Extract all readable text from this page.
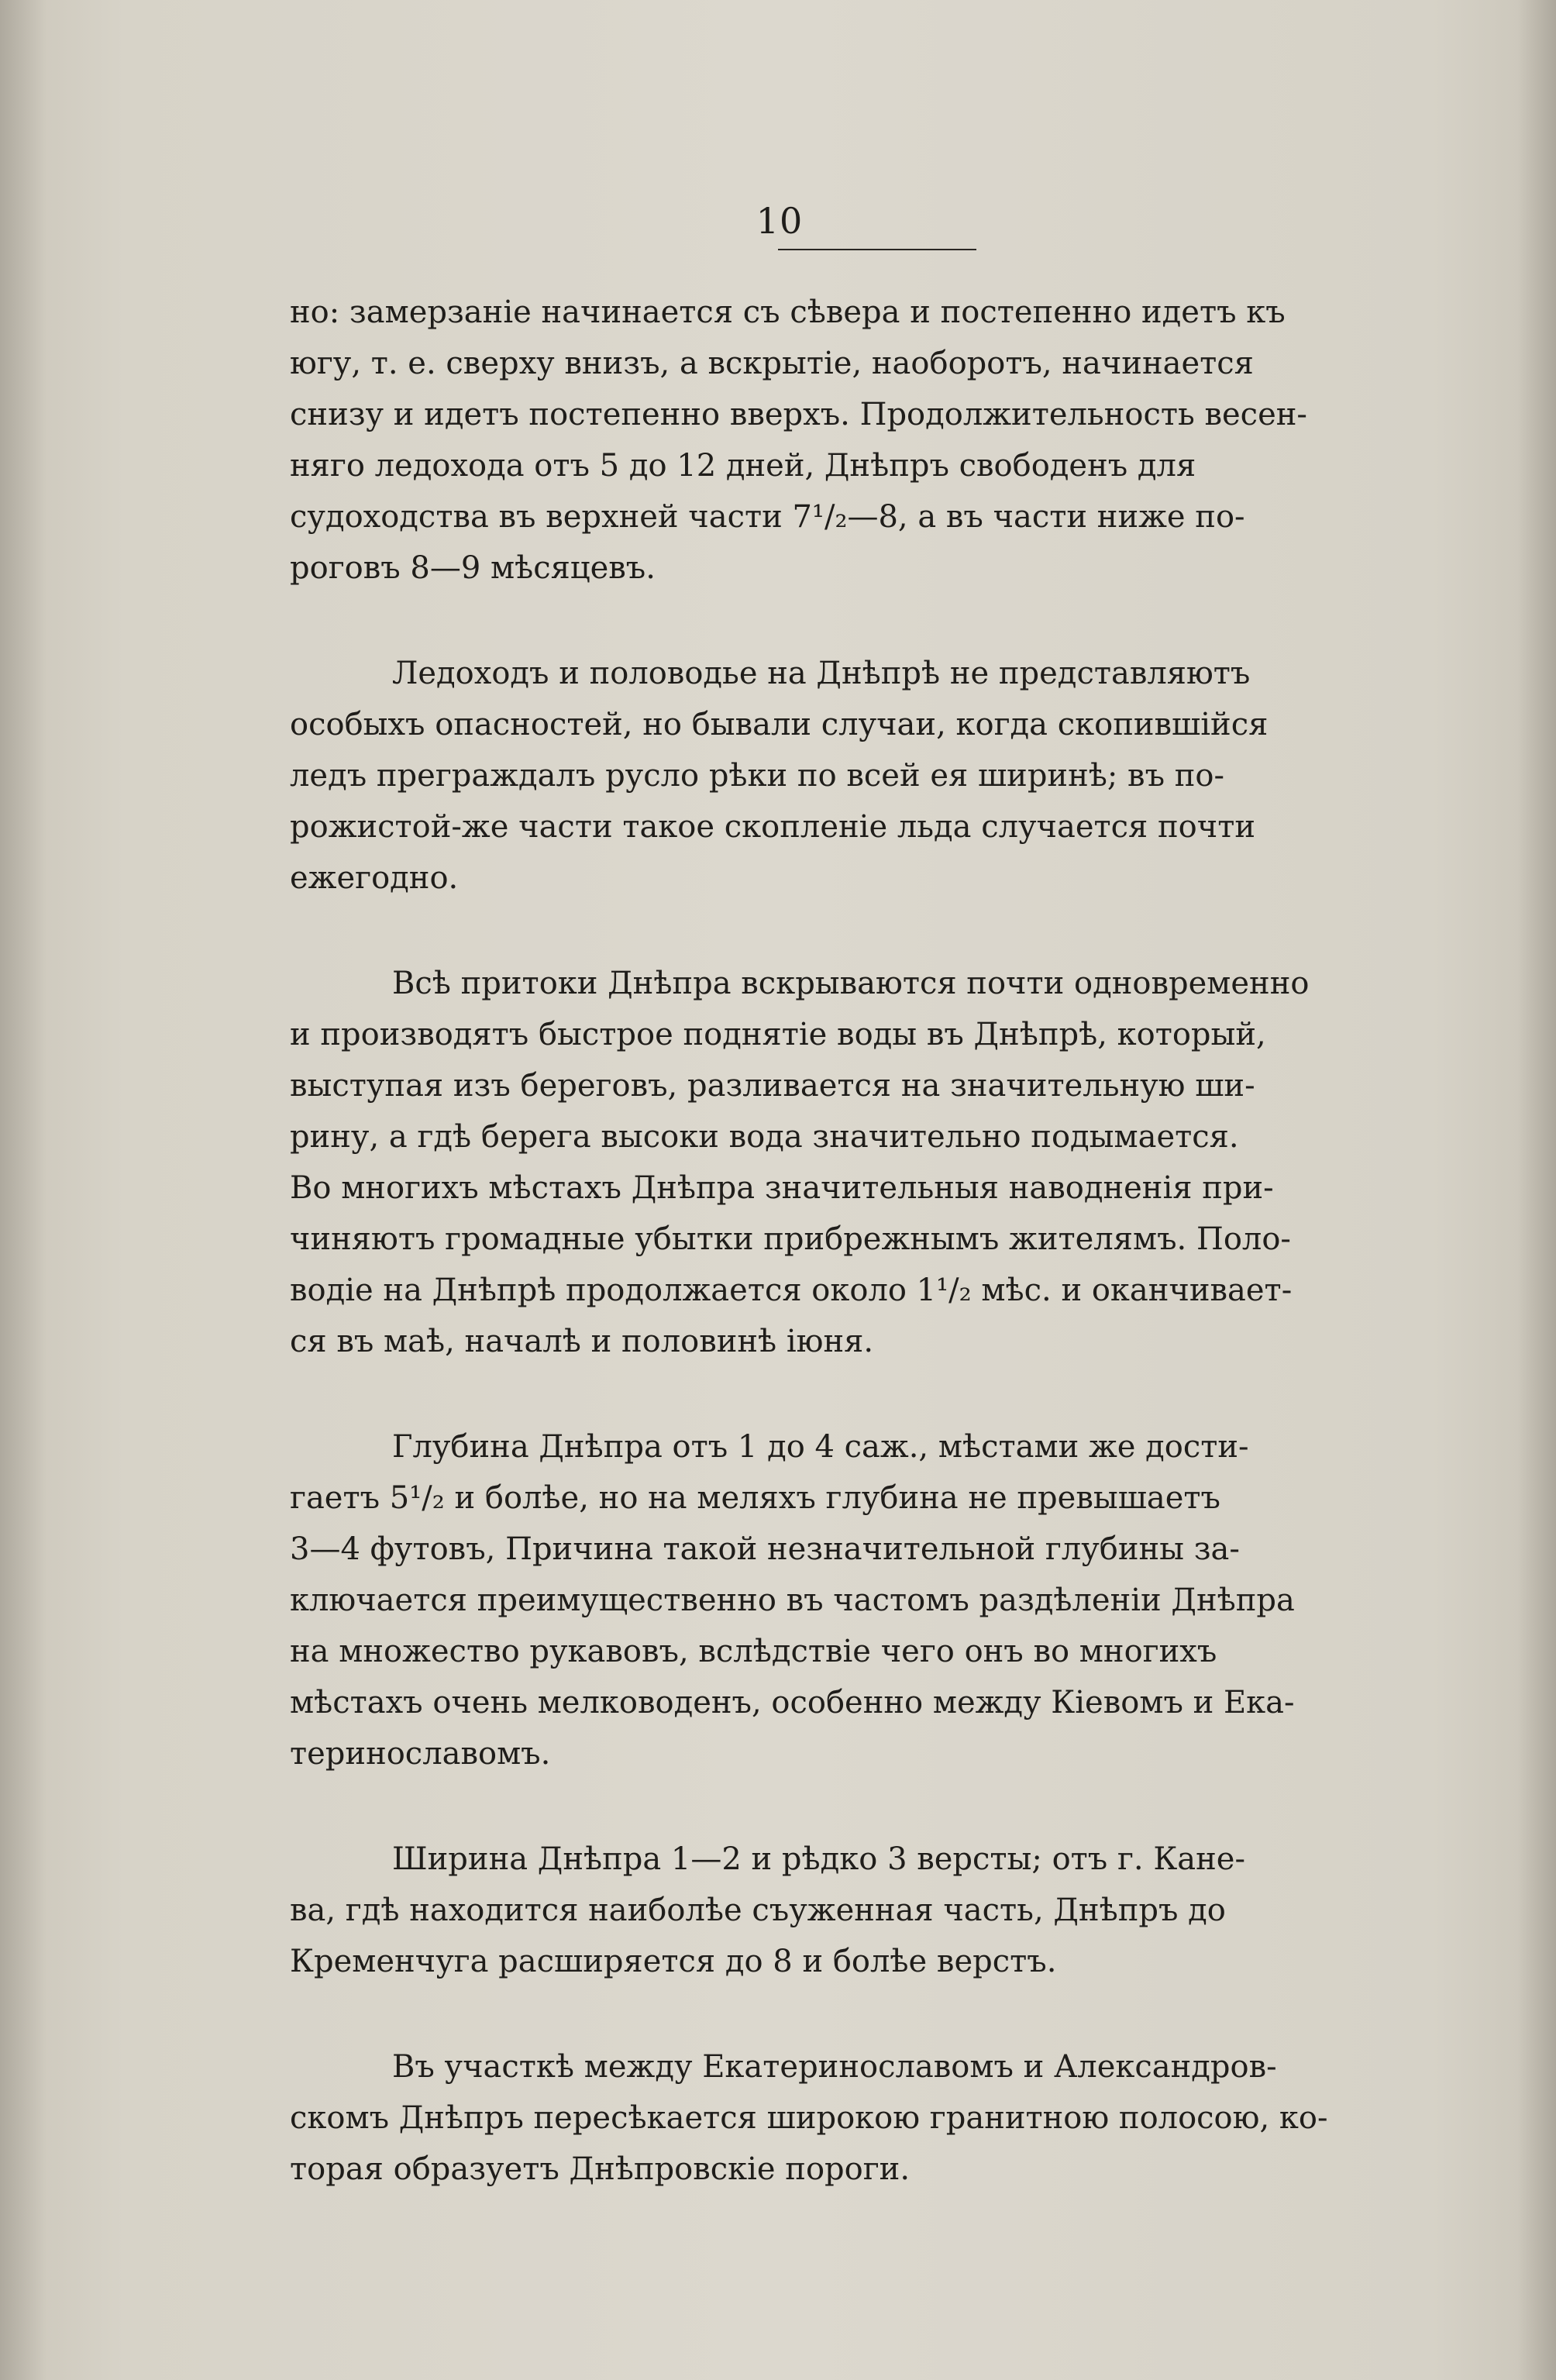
10
но: замерзаніе начинается съ сѣвера и постепенно идетъ къ
югу, т. е. сверху внизъ, а вскрытіе, наоборотъ, начинается
снизу и идетъ постепенно вверхъ. Продолжительность весен-
няго ледохода отъ 5 до 12 дней, Днѣпръ свободенъ для
судоходства въ верхней части 7¹/₂—8, а въ части ниже по-
роговъ 8—9 мѣсяцевъ.
Ледоходъ и половодье на Днѣпрѣ не представляютъ
особыхъ опасностей, но бывали случаи, когда скопившійся
ледъ преграждалъ русло рѣки по всей ея ширинѣ; въ по-
рожистой-же части такое скопленіе льда случается почти
ежегодно.
Всѣ притоки Днѣпра вскрываются почти одновременно
и производятъ быстрое поднятіе воды въ Днѣпрѣ, который,
выступая изъ береговъ, разливается на значительную ши-
рину, а гдѣ берега высоки вода значительно подымается.
Во многихъ мѣстахъ Днѣпра значительныя наводненія при-
чиняютъ громадные убытки прибрежнымъ жителямъ. Поло-
водіе на Днѣпрѣ продолжается около 1¹/₂ мѣс. и оканчивает-
ся въ маѣ, началѣ и половинѣ іюня.
Глубина Днѣпра отъ 1 до 4 саж., мѣстами же дости-
гаетъ 5¹/₂ и болѣе, но на меляхъ глубина не превышаетъ
3—4 футовъ, Причина такой незначительной глубины за-
ключается преимущественно въ частомъ раздѣленіи Днѣпра
на множество рукавовъ, вслѣдствіе чего онъ во многихъ
мѣстахъ очень мелководенъ, особенно между Кіевомъ и Ека-
теринославомъ.
Ширина Днѣпра 1—2 и рѣдко 3 версты; отъ г. Кане-
ва, гдѣ находится наиболѣе съуженная часть, Днѣпръ до
Кременчуга расширяется до 8 и болѣе верстъ.
Въ участкѣ между Екатеринославомъ и Александров-
скомъ Днѣпръ пересѣкается широкою гранитною полосою, ко-
торая образуетъ Днѣпровскіе пороги.
